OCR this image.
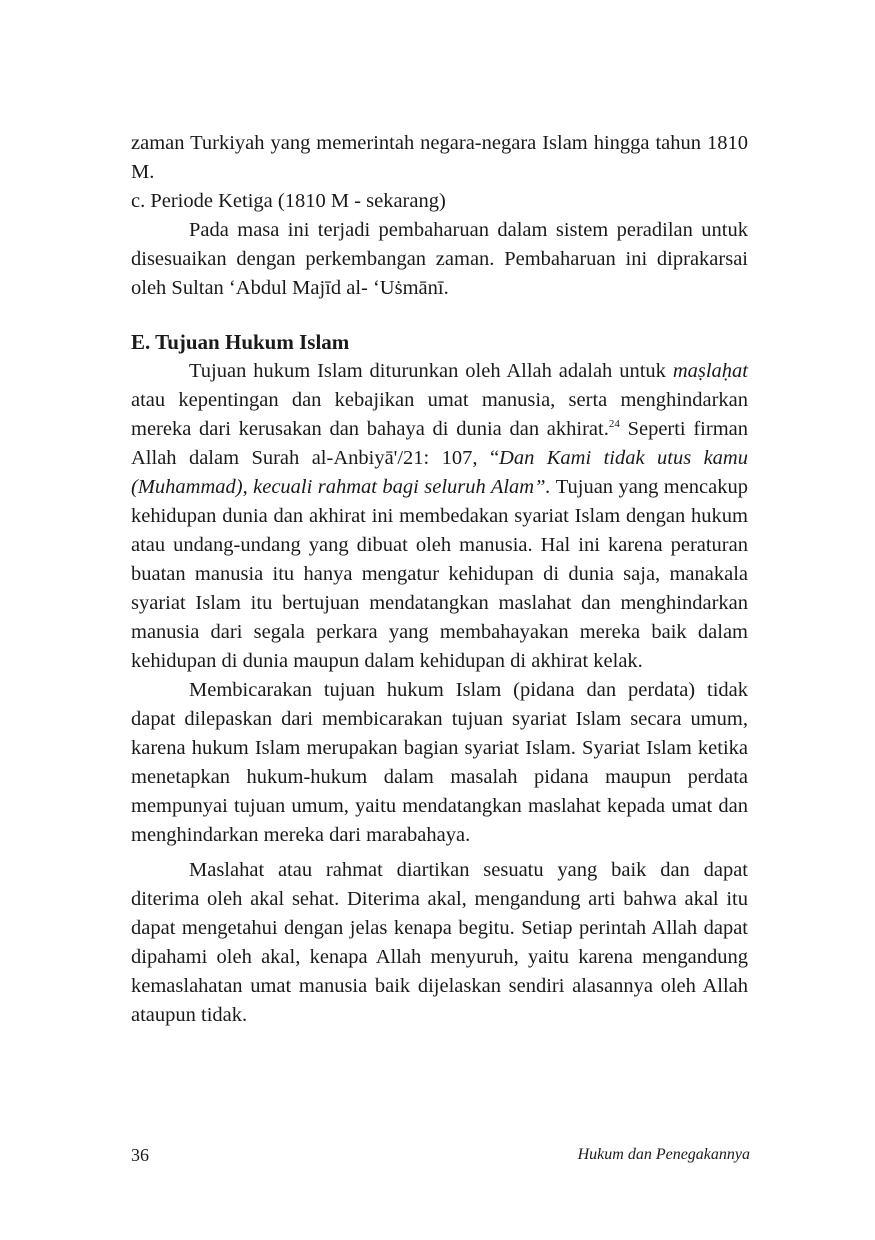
zaman Turkiyah yang memerintah negara-negara Islam hingga tahun 1810 M.

c. Periode Ketiga (1810 M - sekarang)

Pada masa ini terjadi pembaharuan dalam sistem peradilan untuk disesuaikan dengan perkembangan zaman. Pembaharuan ini diprakarsai oleh Sultan ‘Abdul Majīd al- ‘Uṡmānī.

E. Tujuan Hukum Islam

Tujuan hukum Islam diturunkan oleh Allah adalah untuk maṣlaḥat atau kepentingan dan kebajikan umat manusia, serta menghindarkan mereka dari kerusakan dan bahaya di dunia dan akhirat.$^{24}$ Seperti firman Allah dalam Surah al-Anbiyā'/21: 107, “Dan Kami tidak utus kamu (Muhammad), kecuali rahmat bagi seluruh Alam”. Tujuan yang mencakup kehidupan dunia dan akhirat ini membedakan syariat Islam dengan hukum atau undang-undang yang dibuat oleh manusia. Hal ini karena peraturan buatan manusia itu hanya mengatur kehidupan di dunia saja, manakala syariat Islam itu bertujuan mendatangkan maslahat dan menghindarkan manusia dari segala perkara yang membahayakan mereka baik dalam kehidupan di dunia maupun dalam kehidupan di akhirat kelak.

Membicarakan tujuan hukum Islam (pidana dan perdata) tidak dapat dilepaskan dari membicarakan tujuan syariat Islam secara umum, karena hukum Islam merupakan bagian syariat Islam. Syariat Islam ketika menetapkan hukum-hukum dalam masalah pidana maupun perdata mempunyai tujuan umum, yaitu mendatangkan maslahat kepada umat dan menghindarkan mereka dari marabahaya.

Maslahat atau rahmat diartikan sesuatu yang baik dan dapat diterima oleh akal sehat. Diterima akal, mengandung arti bahwa akal itu dapat mengetahui dengan jelas kenapa begitu. Setiap perintah Allah dapat dipahami oleh akal, kenapa Allah menyuruh, yaitu karena mengandung kemaslahatan umat manusia baik dijelaskan sendiri alasannya oleh Allah ataupun tidak.

36	Hukum dan Penegakannya
